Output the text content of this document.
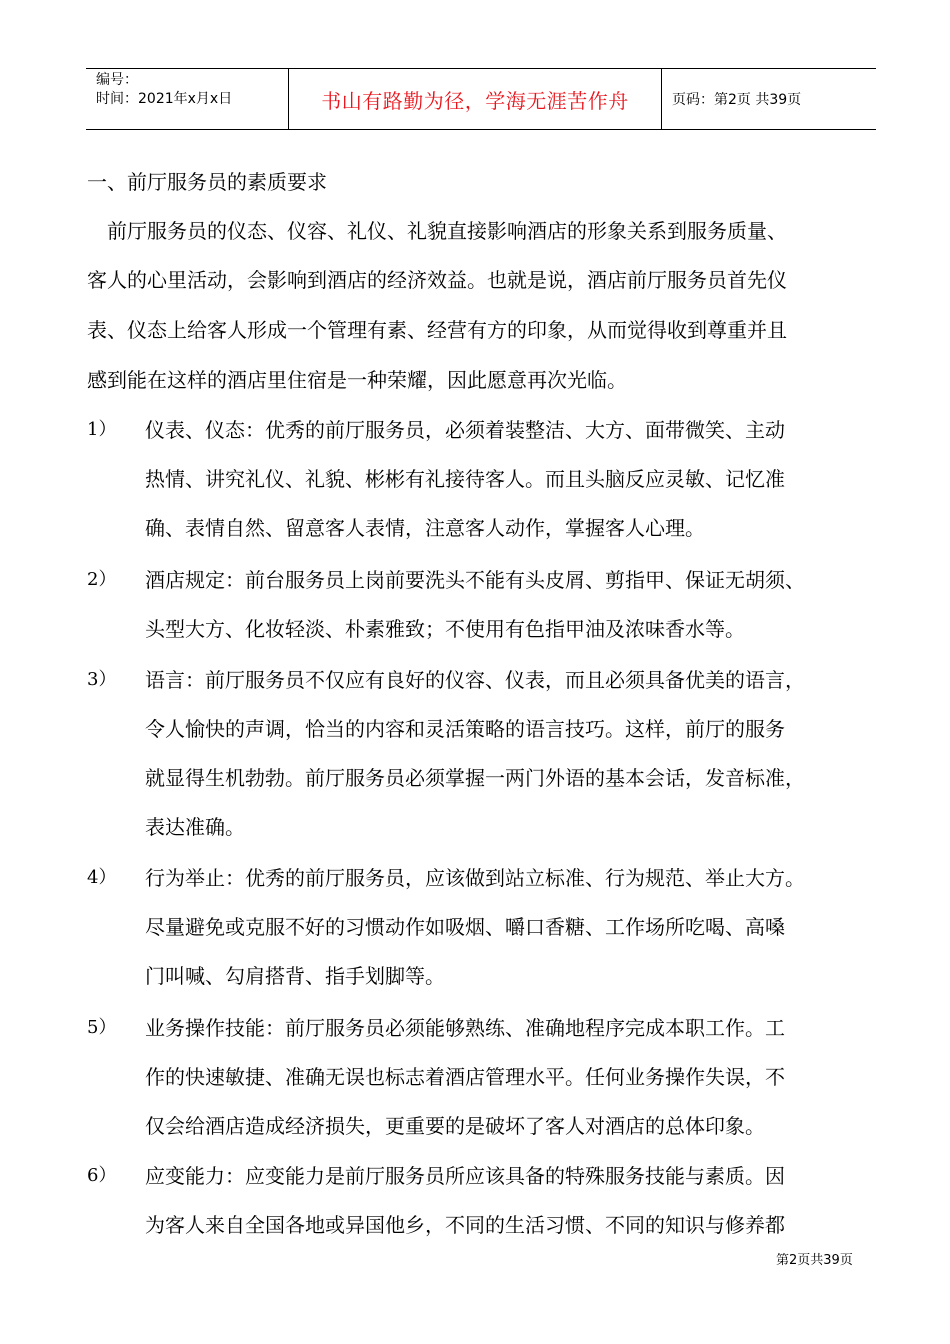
编号：
时间：2021年x月x日	书山有路勤为径，学海无涯苦作舟	页码：第2页 共39页
一、前厅服务员的素质要求
前厅服务员的仪态、仪容、礼仪、礼貌直接影响酒店的形象关系到服务质量、
客人的心里活动，会影响到酒店的经济效益。也就是说，酒店前厅服务员首先仪
表、仪态上给客人形成一个管理有素、经营有方的印象，从而觉得收到尊重并且
感到能在这样的酒店里住宿是一种荣耀，因此愿意再次光临。
1） 仪表、仪态：优秀的前厅服务员，必须着装整洁、大方、面带微笑、主动
热情、讲究礼仪、礼貌、彬彬有礼接待客人。而且头脑反应灵敏、记忆准
确、表情自然、留意客人表情，注意客人动作，掌握客人心理。
2） 酒店规定：前台服务员上岗前要洗头不能有头皮屑、剪指甲、保证无胡须、
头型大方、化妆轻淡、朴素雅致；不使用有色指甲油及浓味香水等。
3） 语言：前厅服务员不仅应有良好的仪容、仪表，而且必须具备优美的语言，
令人愉快的声调，恰当的内容和灵活策略的语言技巧。这样，前厅的服务
就显得生机勃勃。前厅服务员必须掌握一两门外语的基本会话，发音标准，
表达准确。
4） 行为举止：优秀的前厅服务员，应该做到站立标准、行为规范、举止大方。
尽量避免或克服不好的习惯动作如吸烟、嚼口香糖、工作场所吃喝、高嗓
门叫喊、勾肩搭背、指手划脚等。
5） 业务操作技能：前厅服务员必须能够熟练、准确地程序完成本职工作。工
作的快速敏捷、准确无误也标志着酒店管理水平。任何业务操作失误，不
仅会给酒店造成经济损失，更重要的是破坏了客人对酒店的总体印象。
6） 应变能力：应变能力是前厅服务员所应该具备的特殊服务技能与素质。因
为客人来自全国各地或异国他乡，不同的生活习惯、不同的知识与修养都
第2页共39页
